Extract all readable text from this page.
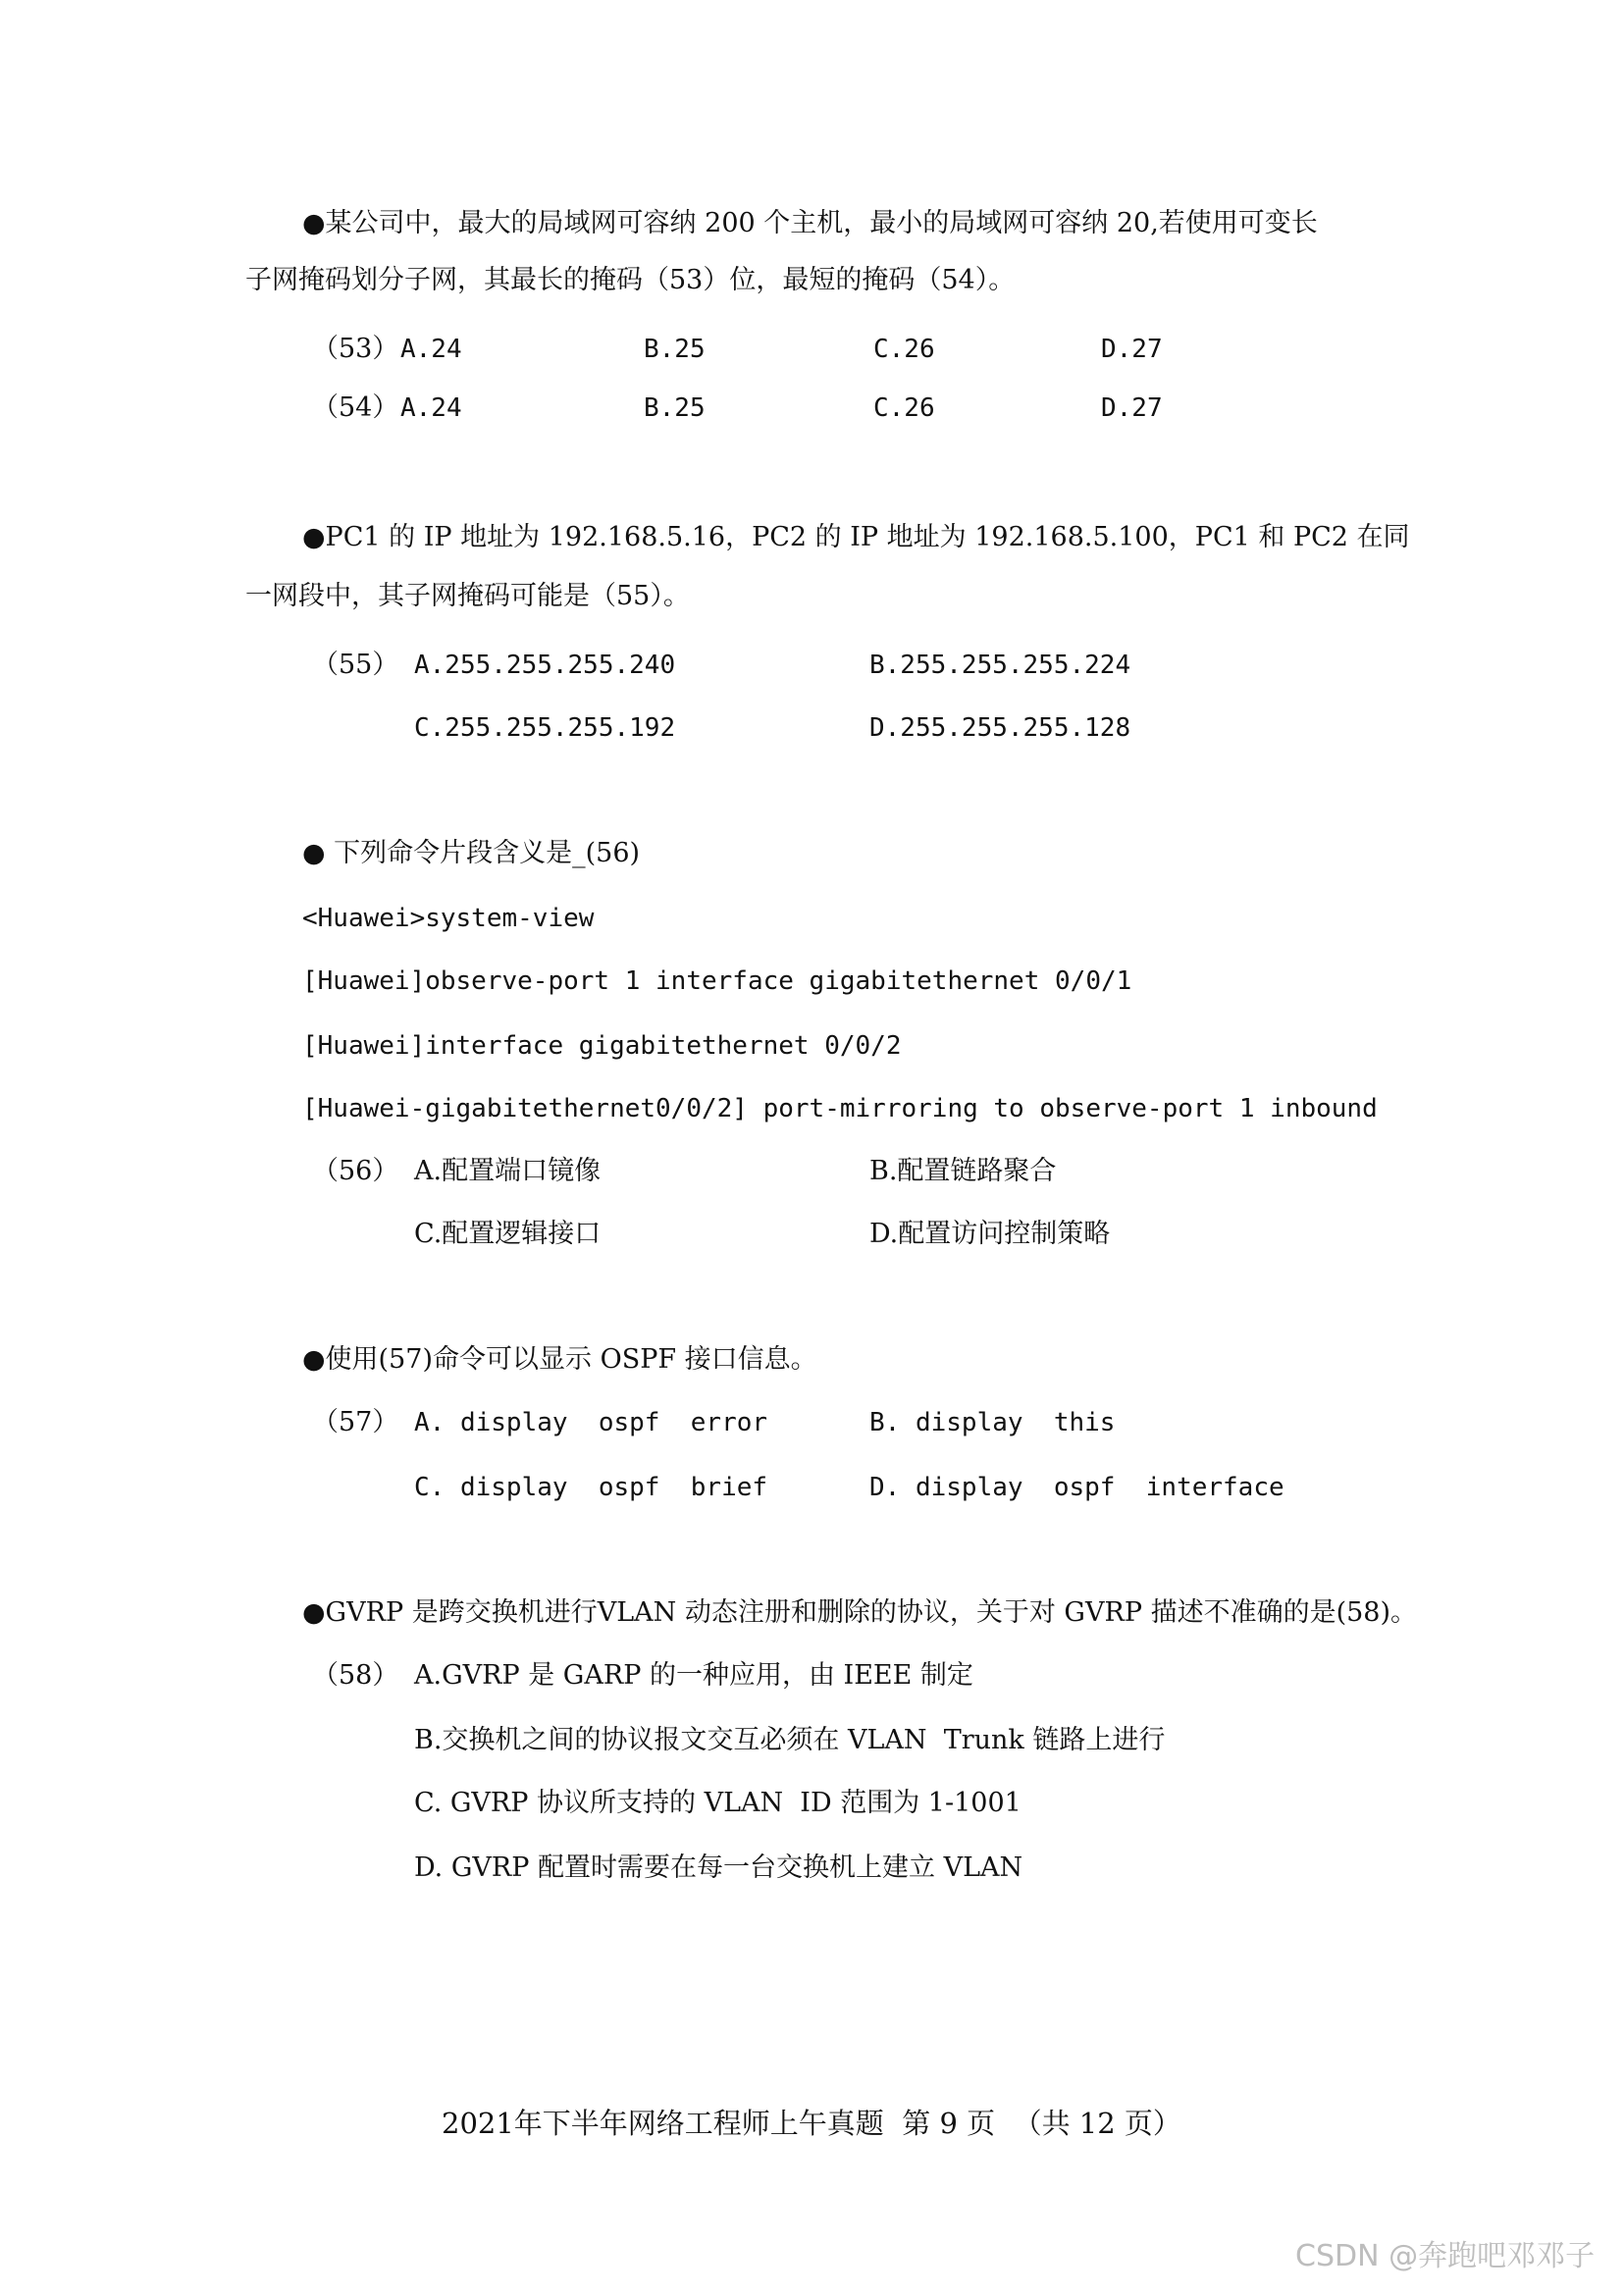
●某公司中，最大的局域网可容纳 200 个主机，最小的局域网可容纳 20,若使用可变长
子网掩码划分子网，其最长的掩码（53）位，最短的掩码（54）。
（53） A.24	B.25	C.26	D.27
（54） A.24	B.25	C.26	D.27
●PC1 的 IP 地址为 192.168.5.16，PC2 的 IP 地址为 192.168.5.100，PC1 和 PC2 在同
一网段中，其子网掩码可能是（55）。
（55） A.255.255.255.240	B.255.255.255.224
C.255.255.255.192	D.255.255.255.128
● 下列命令片段含义是_(56)
<Huawei>system-view
[Huawei]observe-port 1 interface gigabitethernet 0/0/1
[Huawei]interface gigabitethernet 0/0/2
[Huawei-gigabitethernet0/0/2] port-mirroring to observe-port 1 inbound
（56） A.配置端口镜像	B.配置链路聚合
C.配置逻辑接口	D.配置访问控制策略
●使用(57)命令可以显示 OSPF 接口信息。
（57） A. display  ospf  error	B. display  this
C. display  ospf  brief	D. display  ospf  interface
●GVRP 是跨交换机进行VLAN 动态注册和删除的协议，关于对 GVRP 描述不准确的是(58)。
（58） A.GVRP 是 GARP 的一种应用，由 IEEE 制定
B.交换机之间的协议报文交互必须在 VLAN  Trunk 链路上进行
C. GVRP 协议所支持的 VLAN  ID 范围为 1-1001
D. GVRP 配置时需要在每一台交换机上建立 VLAN
2021年下半年网络工程师上午真题  第 9 页  （共 12 页）
CSDN @奔跑吧邓邓子
